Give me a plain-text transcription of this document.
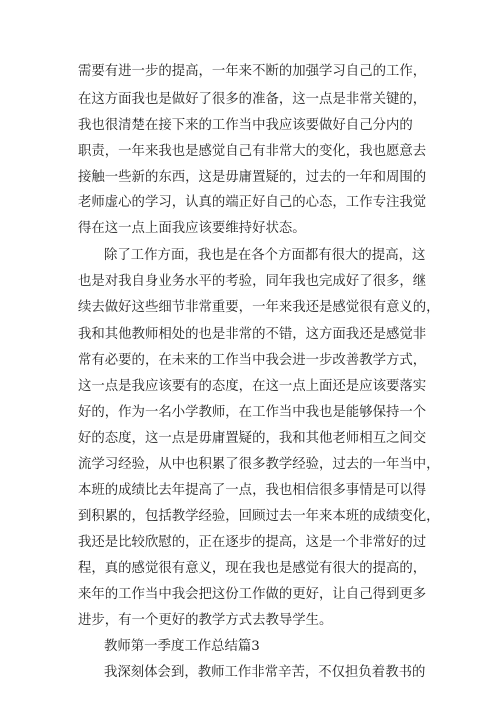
需要有进一步的提高，一年来不断的加强学习自己的工作，
在这方面我也是做好了很多的准备，这一点是非常关键的，
我也很清楚在接下来的工作当中我应该要做好自己分内的
职责，一年来我也是感觉自己有非常大的变化，我也愿意去
接触一些新的东西，这是毋庸置疑的，过去的一年和周围的
老师虚心的学习，认真的端正好自己的心态，工作专注我觉
得在这一点上面我应该要维持好状态。
除了工作方面，我也是在各个方面都有很大的提高，这
也是对我自身业务水平的考验，同年我也完成好了很多，继
续去做好这些细节非常重要，一年来我还是感觉很有意义的，
我和其他教师相处的也是非常的不错，这方面我还是感觉非
常有必要的，在未来的工作当中我会进一步改善教学方式，
这一点是我应该要有的态度，在这一点上面还是应该要落实
好的，作为一名小学教师，在工作当中我也是能够保持一个
好的态度，这一点是毋庸置疑的，我和其他老师相互之间交
流学习经验，从中也积累了很多教学经验，过去的一年当中，
本班的成绩比去年提高了一点，我也相信很多事情是可以得
到积累的，包括教学经验，回顾过去一年来本班的成绩变化，
我还是比较欣慰的，正在逐步的提高，这是一个非常好的过
程，真的感觉很有意义，现在我也是感觉有很大的提高的，
来年的工作当中我会把这份工作做的更好，让自己得到更多
进步，有一个更好的教学方式去教导学生。
教师第一季度工作总结篇3
我深刻体会到，教师工作非常辛苦，不仅担负着教书的
